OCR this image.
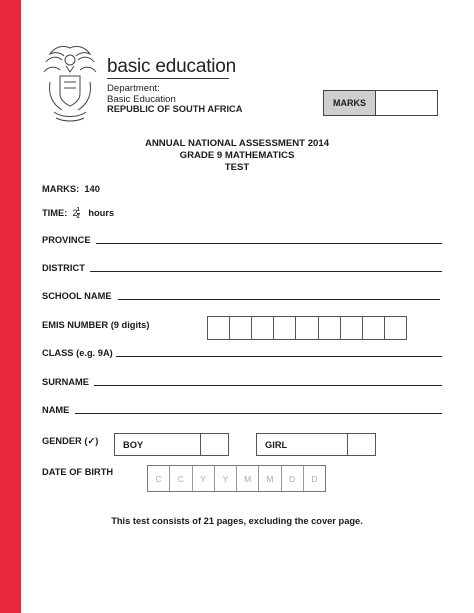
basic education
Department:
Basic Education
REPUBLIC OF SOUTH AFRICA
MARKS
ANNUAL NATIONAL ASSESSMENT 2014
GRADE 9 MATHEMATICS
TEST
MARKS: 140
TIME: $2 \frac{1}{2}$ hours
PROVINCE
DISTRICT
SCHOOL NAME
EMIS NUMBER (9 digits)
CLASS (e.g. 9A)
SURNAME
NAME
GENDER (✓)	BOY	GIRL
DATE OF BIRTH
C	C	Y	Y	M	M	D	D
This test consists of 21 pages, excluding the cover page.
